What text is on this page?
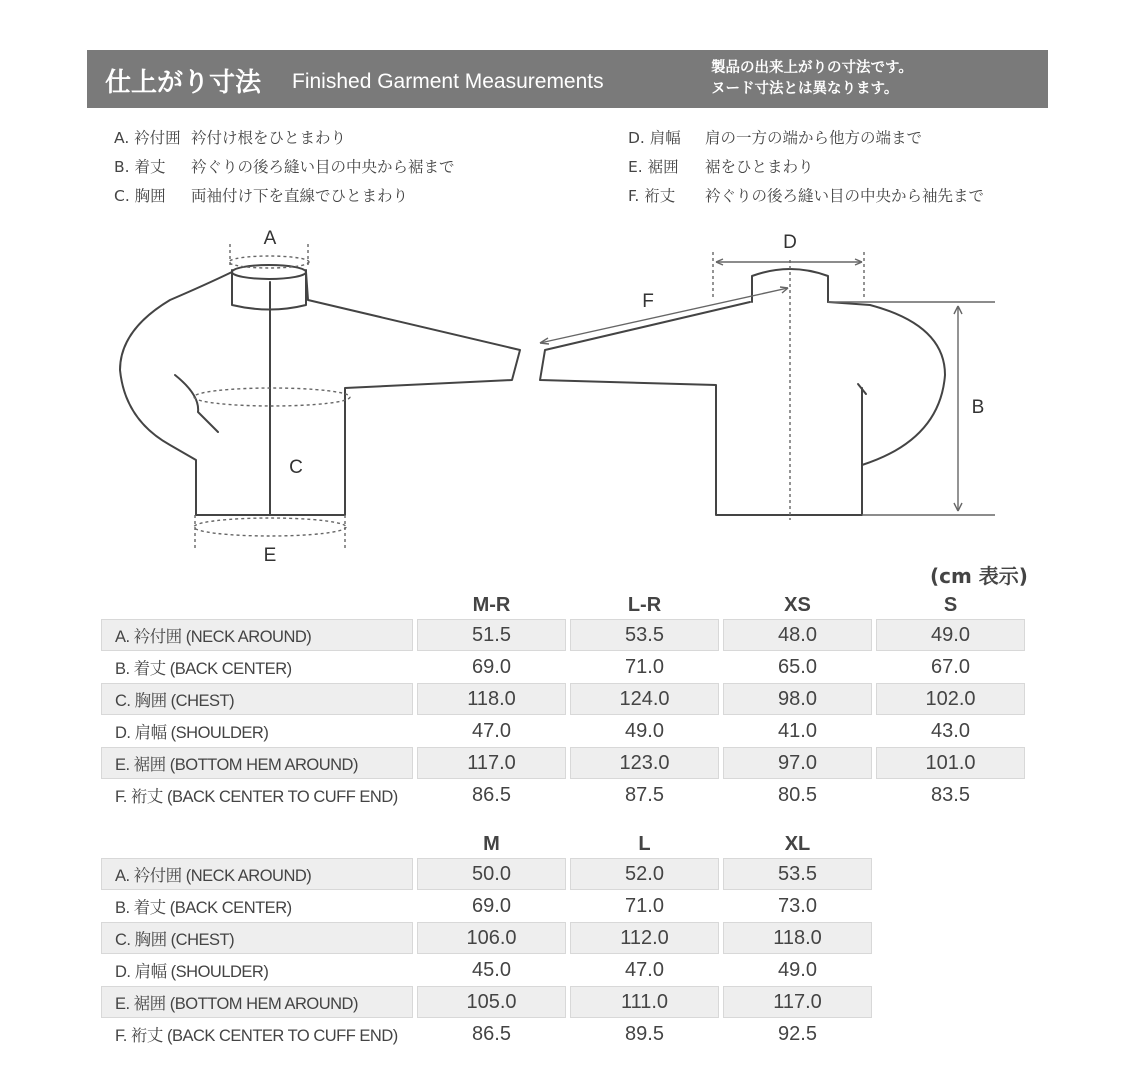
仕上がり寸法 Finished Garment Measurements
製品の出来上がりの寸法です。
ヌード寸法とは異なります。
A. 衿付囲 衿付け根をひとまわり
B. 着丈 衿ぐりの後ろ縫い目の中央から裾まで
C. 胸囲 両袖付け下を直線でひとまわり
D. 肩幅 肩の一方の端から他方の端まで
E. 裾囲 裾をひとまわり
F. 裄丈 衿ぐりの後ろ縫い目の中央から袖先まで
A
C
E
D
F
B
(cm 表示)
	M-R	L-R	XS	S
A. 衿付囲 (NECK AROUND)	51.5	53.5	48.0	49.0
B. 着丈 (BACK CENTER)	69.0	71.0	65.0	67.0
C. 胸囲 (CHEST)	118.0	124.0	98.0	102.0
D. 肩幅 (SHOULDER)	47.0	49.0	41.0	43.0
E. 裾囲 (BOTTOM HEM AROUND)	117.0	123.0	97.0	101.0
F. 裄丈 (BACK CENTER TO CUFF END)	86.5	87.5	80.5	83.5
	M	L	XL
A. 衿付囲 (NECK AROUND)	50.0	52.0	53.5
B. 着丈 (BACK CENTER)	69.0	71.0	73.0
C. 胸囲 (CHEST)	106.0	112.0	118.0
D. 肩幅 (SHOULDER)	45.0	47.0	49.0
E. 裾囲 (BOTTOM HEM AROUND)	105.0	111.0	117.0
F. 裄丈 (BACK CENTER TO CUFF END)	86.5	89.5	92.5
